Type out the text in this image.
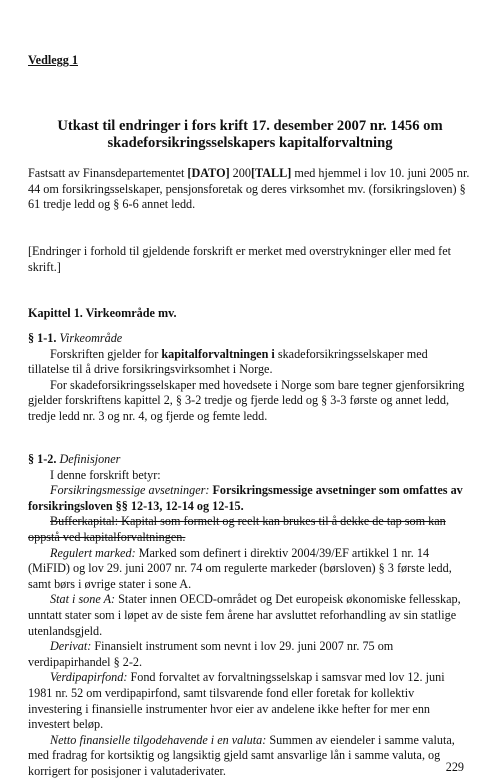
Vedlegg 1

Utkast til endringer i fors krift 17. desember 2007 nr. 1456 om

skadeforsikringsselskapers kapitalforvaltning

Fastsatt av Finansdepartementet [DATO] 200[TALL] med hjemmel i lov 10. juni 2005 nr. 44 om forsikringsselskaper, pensjonsforetak og deres virksomhet mv. (forsikringsloven) § 61 tredje ledd og § 6-6 annet ledd.

[Endringer i forhold til gjeldende forskrift er merket med overstrykninger eller med fet skrift.]

Kapittel 1. Virkeområde mv.

§ 1-1. Virkeområde

Forskriften gjelder for kapitalforvaltningen i skadeforsikringsselskaper med tillatelse til å drive forsikringsvirksomhet i Norge.

For skadeforsikringsselskaper med hovedsete i Norge som bare tegner gjenforsikring gjelder forskriftens kapittel 2, § 3-2 tredje og fjerde ledd og § 3-3 første og annet ledd, tredje ledd nr. 3 og nr. 4, og fjerde og femte ledd.

§ 1-2. Definisjoner

I denne forskrift betyr:

Forsikringsmessige avsetninger: Forsikringsmessige avsetninger som omfattes av forsikringsloven §§ 12-13, 12-14 og 12-15.

Bufferkapital: Kapital som formelt og reelt kan brukes til å dekke de tap som kan oppstå ved kapitalforvaltningen.

Regulert marked: Marked som definert i direktiv 2004/39/EF artikkel 1 nr. 14 (MiFID) og lov 29. juni 2007 nr. 74 om regulerte markeder (børsloven) § 3 første ledd, samt børs i øvrige stater i sone A.

Stat i sone A: Stater innen OECD-området og Det europeisk økonomiske fellesskap, unntatt stater som i løpet av de siste fem årene har avsluttet reforhandling av sin statlige utenlandsgjeld.

Derivat: Finansielt instrument som nevnt i lov 29. juni 2007 nr. 75 om verdipapirhandel § 2-2.

Verdipapirfond: Fond forvaltet av forvaltningsselskap i samsvar med lov 12. juni 1981 nr. 52 om verdipapirfond, samt tilsvarende fond eller foretak for kollektiv investering i finansielle instrumenter hvor eier av andelene ikke hefter for mer enn investert beløp.

Netto finansielle tilgodehavende i en valuta: Summen av eiendeler i samme valuta, med fradrag for kortsiktig og langsiktig gjeld samt ansvarlige lån i samme valuta, og korrigert for posisjoner i valutaderivater.	229
